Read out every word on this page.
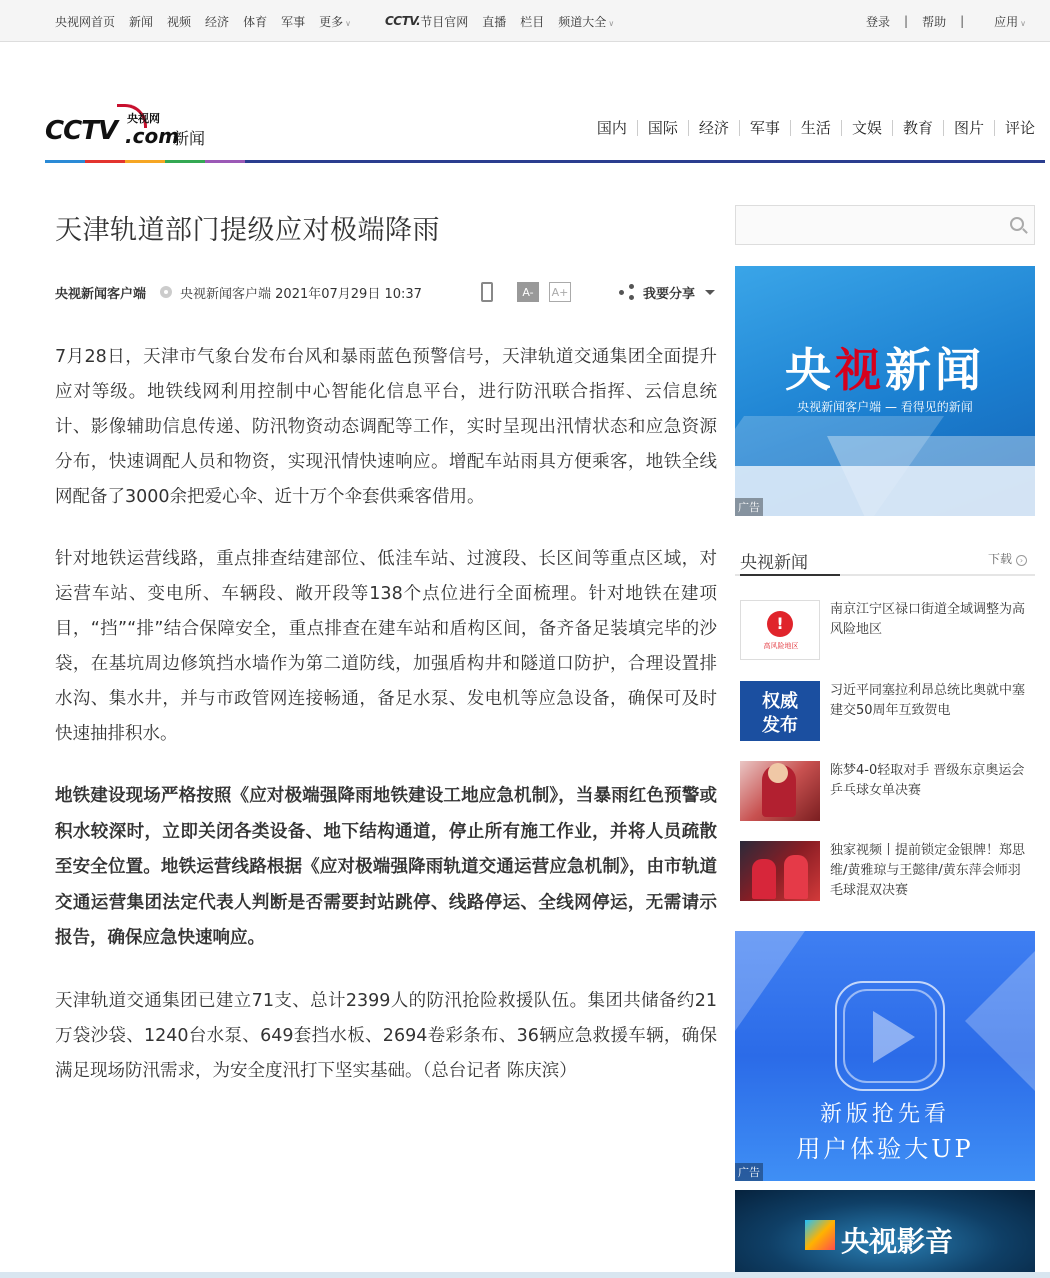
央视网首页 新闻 视频 经济 体育 军事 更多 ∨	CCTV. 节目官网 直播 栏目 频道大全 ∨	登录 | 帮助 |	应用 ∨
CCTV 央视网
.com
新闻
国内	国际	经济	军事	生活	文娱	教育	图片	评论
天津轨道部门提级应对极端降雨
央视新闻客户端	央视新闻客户端 2021年07月29日 10:37	A-	A+	我要分享

7月28日，天津市气象台发布台风和暴雨蓝色预警信号，天津轨道交通集团全面提升应对等级。地铁线网利用控制中心智能化信息平台，进行防汛联合指挥、云信息统计、影像辅助信息传递、防汛物资动态调配等工作，实时呈现出汛情状态和应急资源分布，快速调配人员和物资，实现汛情快速响应。增配车站雨具方便乘客，地铁全线网配备了3000余把爱心伞、近十万个伞套供乘客借用。

针对地铁运营线路，重点排查结建部位、低洼车站、过渡段、长区间等重点区域，对运营车站、变电所、车辆段、敞开段等138个点位进行全面梳理。针对地铁在建项目，“挡”“排”结合保障安全，重点排查在建车站和盾构区间，备齐备足装填完毕的沙袋，在基坑周边修筑挡水墙作为第二道防线，加强盾构井和隧道口防护，合理设置排水沟、集水井，并与市政管网连接畅通，备足水泵、发电机等应急设备，确保可及时快速抽排积水。

地铁建设现场严格按照《应对极端强降雨地铁建设工地应急机制》，当暴雨红色预警或积水较深时，立即关闭各类设备、地下结构通道，停止所有施工作业，并将人员疏散至安全位置。地铁运营线路根据《应对极端强降雨轨道交通运营应急机制》，由市轨道交通运营集团法定代表人判断是否需要封站跳停、线路停运、全线网停运，无需请示报告，确保应急快速响应。

天津轨道交通集团已建立71支、总计2399人的防汛抢险救援队伍。集团共储备约21万袋沙袋、1240台水泵、649套挡水板、2694卷彩条布、36辆应急救援车辆，确保满足现场防汛需求，为安全度汛打下坚实基础。（总台记者 陈庆滨）

央视新闻
央视新闻客户端 — 看得见的新闻
广告
央视新闻	下载 ›
!
高风险地区
南京江宁区禄口街道全域调整为高风险地区
权威
发布
习近平同塞拉利昂总统比奥就中塞建交50周年互致贺电
陈梦4-0轻取对手 晋级东京奥运会乒乓球女单决赛
独家视频丨提前锁定金银牌！郑思维/黄雅琼与王懿律/黄东萍会师羽毛球混双决赛
新版抢先看
用户体验大UP
广告
央视影音
